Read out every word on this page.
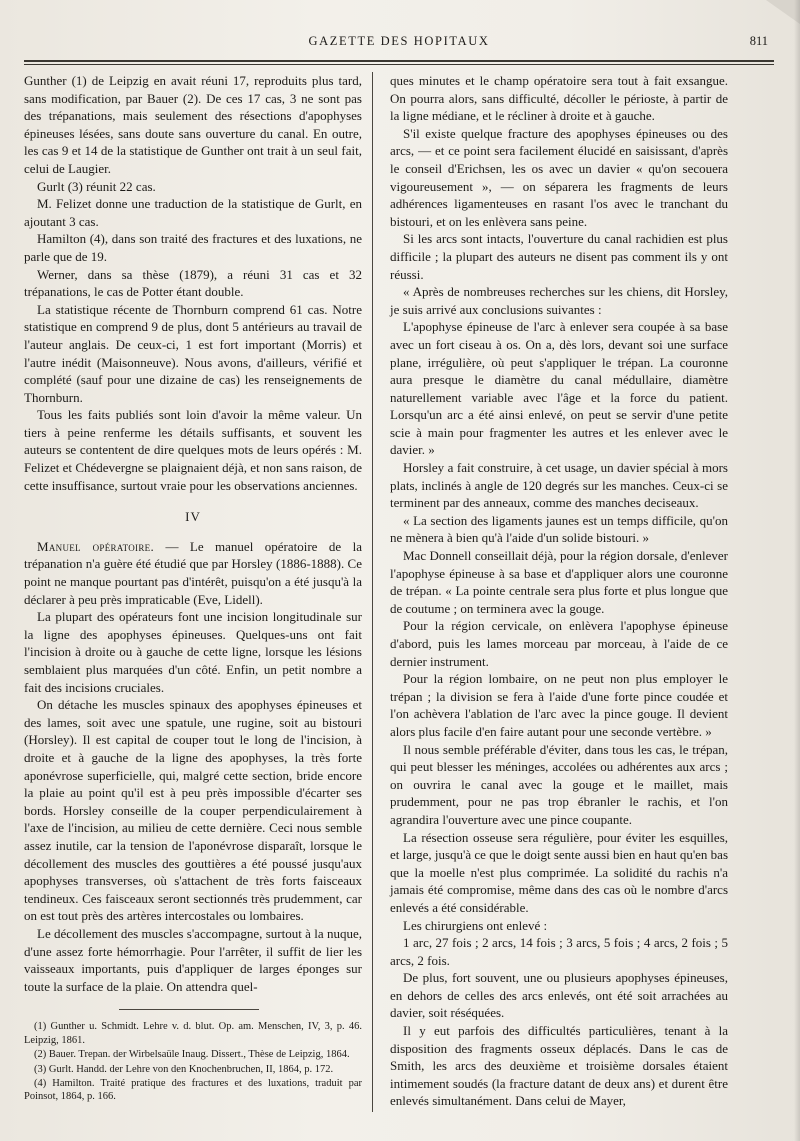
GAZETTE DES HOPITAUX	811

Gunther (1) de Leipzig en avait réuni 17, reproduits plus tard, sans modification, par Bauer (2). De ces 17 cas, 3 ne sont pas des trépanations, mais seulement des résections d'apophyses épineuses lésées, sans doute sans ouverture du canal. En outre, les cas 9 et 14 de la statistique de Gunther ont trait à un seul fait, celui de Laugier.

Gurlt (3) réunit 22 cas.

M. Felizet donne une traduction de la statistique de Gurlt, en ajoutant 3 cas.

Hamilton (4), dans son traité des fractures et des luxations, ne parle que de 19.

Werner, dans sa thèse (1879), a réuni 31 cas et 32 trépanations, le cas de Potter étant double.

La statistique récente de Thornburn comprend 61 cas. Notre statistique en comprend 9 de plus, dont 5 antérieurs au travail de l'auteur anglais. De ceux-ci, 1 est fort important (Morris) et l'autre inédit (Maisonneuve). Nous avons, d'ailleurs, vérifié et complété (sauf pour une dizaine de cas) les renseignements de Thornburn.

Tous les faits publiés sont loin d'avoir la même valeur. Un tiers à peine renferme les détails suffisants, et souvent les auteurs se contentent de dire quelques mots de leurs opérés : M. Felizet et Chédevergne se plaignaient déjà, et non sans raison, de cette insuffisance, surtout vraie pour les observations anciennes.

IV

Manuel opératoire. — Le manuel opératoire de la trépanation n'a guère été étudié que par Horsley (1886-1888). Ce point ne manque pourtant pas d'intérêt, puisqu'on a été jusqu'à la déclarer à peu près impraticable (Eve, Lidell).

La plupart des opérateurs font une incision longitudinale sur la ligne des apophyses épineuses. Quelques-uns ont fait l'incision à droite ou à gauche de cette ligne, lorsque les lésions semblaient plus marquées d'un côté. Enfin, un petit nombre a fait des incisions cruciales.

On détache les muscles spinaux des apophyses épineuses et des lames, soit avec une spatule, une rugine, soit au bistouri (Horsley). Il est capital de couper tout le long de l'incision, à droite et à gauche de la ligne des apophyses, la très forte aponévrose superficielle, qui, malgré cette section, bride encore la plaie au point qu'il est à peu près impossible d'écarter ses bords. Horsley conseille de la couper perpendiculairement à l'axe de l'incision, au milieu de cette dernière. Ceci nous semble assez inutile, car la tension de l'aponévrose disparaît, lorsque le décollement des muscles des gouttières a été poussé jusqu'aux apophyses transverses, où s'attachent de très forts faisceaux tendineux. Ces faisceaux seront sectionnés très prudemment, car on est tout près des artères intercostales ou lombaires.

Le décollement des muscles s'accompagne, surtout à la nuque, d'une assez forte hémorrhagie. Pour l'arrêter, il suffit de lier les vaisseaux importants, puis d'appliquer de larges éponges sur toute la surface de la plaie. On attendra quel-

(1) Gunther u. Schmidt. Lehre v. d. blut. Op. am. Menschen, IV, 3, p. 46. Leipzig, 1861.

(2) Bauer. Trepan. der Wirbelsaüle Inaug. Dissert., Thèse de Leipzig, 1864.

(3) Gurlt. Handd. der Lehre von den Knochenbruchen, II, 1864, p. 172.

(4) Hamilton. Traité pratique des fractures et des luxations, traduit par Poinsot, 1864, p. 166.

ques minutes et le champ opératoire sera tout à fait exsangue. On pourra alors, sans difficulté, décoller le périoste, à partir de la ligne médiane, et le récliner à droite et à gauche.

S'il existe quelque fracture des apophyses épineuses ou des arcs, — et ce point sera facilement élucidé en saisissant, d'après le conseil d'Erichsen, les os avec un davier « qu'on secouera vigoureusement », — on séparera les fragments de leurs adhérences ligamenteuses en rasant l'os avec le tranchant du bistouri, et on les enlèvera sans peine.

Si les arcs sont intacts, l'ouverture du canal rachidien est plus difficile ; la plupart des auteurs ne disent pas comment ils y ont réussi.

« Après de nombreuses recherches sur les chiens, dit Horsley, je suis arrivé aux conclusions suivantes :

L'apophyse épineuse de l'arc à enlever sera coupée à sa base avec un fort ciseau à os. On a, dès lors, devant soi une surface plane, irrégulière, où peut s'appliquer le trépan. La couronne aura presque le diamètre du canal médullaire, diamètre naturellement variable avec l'âge et la force du patient. Lorsqu'un arc a été ainsi enlevé, on peut se servir d'une petite scie à main pour fragmenter les autres et les enlever avec le davier. »

Horsley a fait construire, à cet usage, un davier spécial à mors plats, inclinés à angle de 120 degrés sur les manches. Ceux-ci se terminent par des anneaux, comme des manches deciseaux.

« La section des ligaments jaunes est un temps difficile, qu'on ne mènera à bien qu'à l'aide d'un solide bistouri. »

Mac Donnell conseillait déjà, pour la région dorsale, d'enlever l'apophyse épineuse à sa base et d'appliquer alors une couronne de trépan. « La pointe centrale sera plus forte et plus longue que de coutume ; on terminera avec la gouge.

Pour la région cervicale, on enlèvera l'apophyse épineuse d'abord, puis les lames morceau par morceau, à l'aide de ce dernier instrument.

Pour la région lombaire, on ne peut non plus employer le trépan ; la division se fera à l'aide d'une forte pince coudée et l'on achèvera l'ablation de l'arc avec la pince gouge. Il devient alors plus facile d'en faire autant pour une seconde vertèbre. »

Il nous semble préférable d'éviter, dans tous les cas, le trépan, qui peut blesser les méninges, accolées ou adhérentes aux arcs ; on ouvrira le canal avec la gouge et le maillet, mais prudemment, pour ne pas trop ébranler le rachis, et l'on agrandira l'ouverture avec une pince coupante.

La résection osseuse sera régulière, pour éviter les esquilles, et large, jusqu'à ce que le doigt sente aussi bien en haut qu'en bas que la moelle n'est plus comprimée. La solidité du rachis n'a jamais été compromise, même dans des cas où le nombre d'arcs enlevés a été considérable.

Les chirurgiens ont enlevé :

1 arc, 27 fois ; 2 arcs, 14 fois ; 3 arcs, 5 fois ; 4 arcs, 2 fois ; 5 arcs, 2 fois.

De plus, fort souvent, une ou plusieurs apophyses épineuses, en dehors de celles des arcs enlevés, ont été soit arrachées au davier, soit réséquées.

Il y eut parfois des difficultés particulières, tenant à la disposition des fragments osseux déplacés. Dans le cas de Smith, les arcs des deuxième et troisième dorsales étaient intimement soudés (la fracture datant de deux ans) et durent être enlevés simultanément. Dans celui de Mayer,
